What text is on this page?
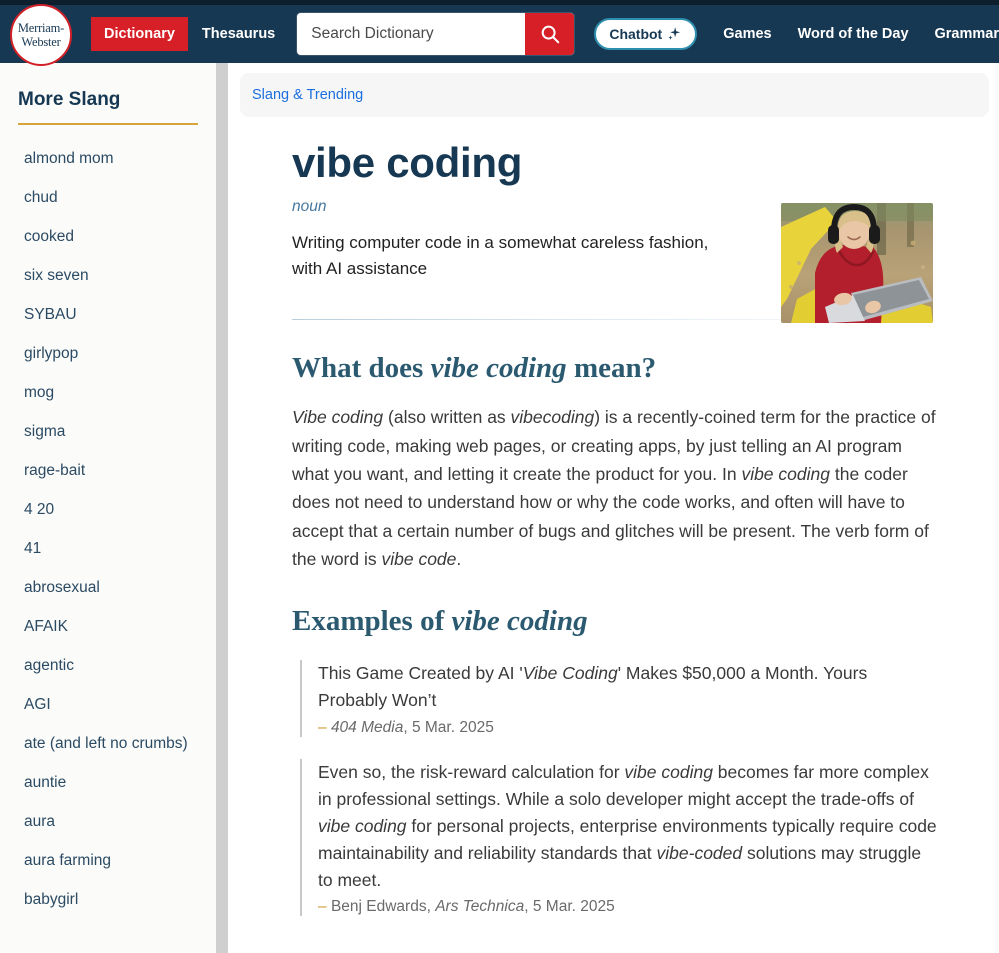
Merriam-
Webster	Dictionary	Thesaurus
Search Dictionary	Chatbot	Games Word of the Day Grammar
More Slang
almond mom
chud
cooked
six seven
SYBAU
girlypop
mog
sigma
rage-bait
4 20
41
abrosexual
AFAIK
agentic
AGI
ate (and left no crumbs)
auntie
aura
aura farming
babygirl
Slang & Trending
vibe coding
noun

Writing computer code in a somewhat careless fashion, with AI assistance

What does vibe coding mean?

Vibe coding (also written as vibecoding) is a recently-coined term for the practice of writing code, making web pages, or creating apps, by just telling an AI program what you want, and letting it create the product for you. In vibe coding the coder does not need to understand how or why the code works, and often will have to accept that a certain number of bugs and glitches will be present. The verb form of the word is vibe code.

Examples of vibe coding

This Game Created by AI 'Vibe Coding' Makes $50,000 a Month. Yours Probably Won’t

– 404 Media, 5 Mar. 2025

Even so, the risk-reward calculation for vibe coding becomes far more complex in professional settings. While a solo developer might accept the trade-offs of vibe coding for personal projects, enterprise environments typically require code maintainability and reliability standards that vibe-coded solutions may struggle to meet.

– Benj Edwards, Ars Technica, 5 Mar. 2025
